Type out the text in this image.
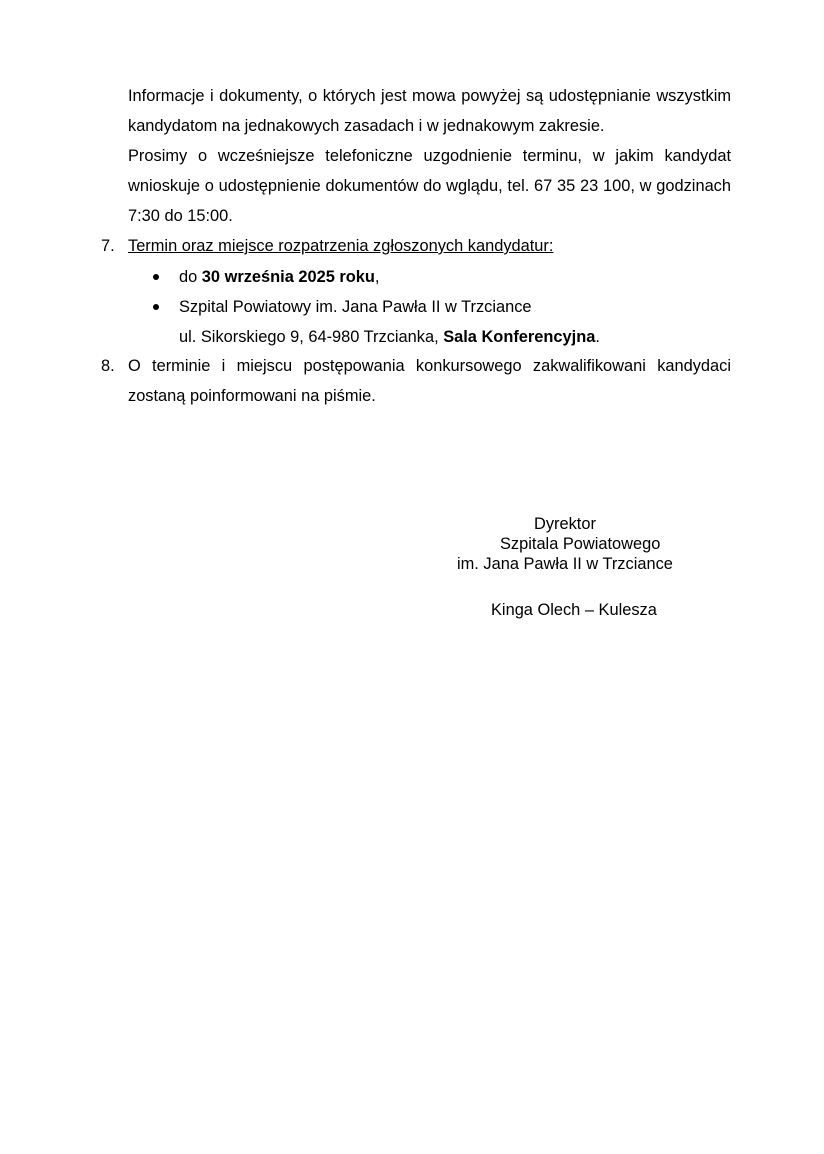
Informacje i dokumenty, o których jest mowa powyżej są udostępnianie wszystkim kandydatom na jednakowych zasadach i w jednakowym zakresie.

Prosimy o wcześniejsze telefoniczne uzgodnienie terminu, w jakim kandydat wnioskuje o udostępnienie dokumentów do wglądu, tel. 67 35 23 100, w godzinach 7:30 do 15:00.

7. Termin oraz miejsce rozpatrzenia zgłoszonych kandydatur:
do 30 września 2025 roku,
Szpital Powiatowy im. Jana Pawła II w Trzciance
ul. Sikorskiego 9, 64-980 Trzcianka, Sala Konferencyjna.
8. O terminie i miejscu postępowania konkursowego zakwalifikowani kandydaci zostaną poinformowani na piśmie.
Dyrektor
Szpitala Powiatowego
im. Jana Pawła II w Trzciance
Kinga Olech – Kulesza
